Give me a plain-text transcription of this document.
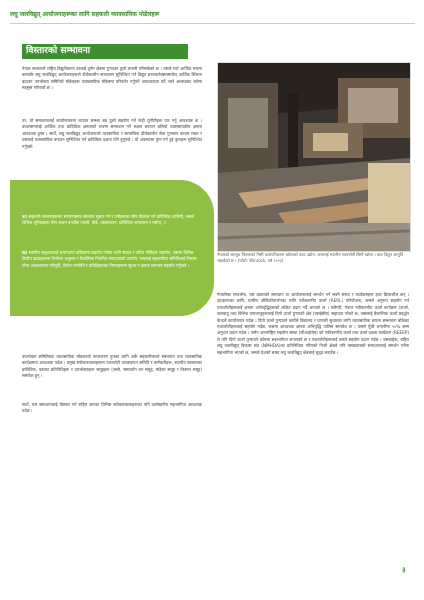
लघु जलविद्युत् आयोजनाहरूका लागि सहकारी व्यावसायिक मोडेलहरू
विस्तारको सम्भावना
नेपाल सरकारले राष्ट्रिय विद्युतीकरण दरलाई दुर्गम क्षेत्रमा पुऱ्याउन ठूलो लगानी गरिसकेको छ । यसले गर्दा आर्थिक रूपमा कमजोर लघु जलविद्युत् आयोजनाहरूले दीर्घकालीन सञ्चालन सुनिश्चित गर्न विद्युत इन्टरकनेक्सनमार्फत् आर्थिक स्थिरता बढाउन उपभोक्ता समितिले मोडेलहरू व्यावसायिक मोडेलमा परिवर्तन गर्नुपर्ने आवश्यकता पर्दै जाने अवस्थाका बारेमा महसुस गरिएको छ ।
तर, यो समाधानलाई कार्यान्वयनमा ल्याउन सम्भव बन्न ठूलो सहयोग गर्न केही चुनौतीहरू पार गर्नु आवश्यक छ । उपशासनलाई आर्थिक तथा प्राविधिक क्षमताको रूपमा सामाधान गर्न सक्षम बनाउन बलियो व्यवस्थापकीय क्षमता आवश्यक हुन्छ । सार्थे, लघु जलविद्युत् आयोजनाको व्यवसायिक र सामाजिक दीर्घकालीन सेवा गुणस्तर कायम राख्न र यसलाई व्यावसायिक बनाउन सुनिश्चित गर्न प्राविधिक दक्षता पनि हुनुपर्छ । यो अवस्थामा पुग्न गर्न दुई कुराहरू सुनिश्चित गर्नुपर्छ:
क) सहकारी संरचनाहरूका संगठनात्मक संस्थाना सुधार गर्न र उनीहरूका सीप विकास गर्न प्राविधिक तालिमी, जसले विभिन्न भूमिकाहरू लिन सक्षम बनाउँछ (जस्तै, बोर्ड, व्यवस्थापन, प्राविधिक सञ्चालन र मर्मत), र
ख) स्थानीय समुदायलाई रूपान्तरण प्रक्रियामा सहयोग गर्नका लागि सफल र उचित नीतिहरू सहयोग, जसमा विभिन्न वित्तीय खाताहरूमा निर्भरता अनुसार र वैकल्पिक नियमित मापदण्डको उपयोग, यसलाई सहकारिता समितिलाई विस्तार योग्य आवश्यकता परिपूर्ति, विशेष रणनीति र प्रविधिहरूका नियमहरूमा सुधार र क्षमता समन्वय सहयोग गर्नुपर्छ ।
उपभोक्ता समितिबाट व्यावसायिक मोडलतर्फ रूपान्तरण हुनका लागि अर्के सहकारिताको संस्थागत तथा व्यवसायिक कार्यक्षमता आवश्यक पर्दछ । प्रमुख सरोकारवालाहरूमा एकापरेटी व्यवस्थापन समिति र कर्मचारीहरू, स्थानीय सरकारका प्राविधिक, वडाका प्रतिनिधिहरू र उपभोक्ताहरू समूहहरू (जस्तै, समावर्तन वन समूह, महिला समूह र किसान समूह) समावेश हुन् ।
सार्थे, यस समाधानलाई विस्तार गर्न राष्ट्रिय स्तरका विभिन्न सरोकारवालाहरूका पनि उल्लेखनीय सहभागिता आवश्यक पर्दछ ।
नेपालको बाग्लुङ जिल्लाको निसी काठेपनिकामा खोलाको काठ उद्योग, जसलाई स्थानीय एकापरेटी लिमी खोला । कार विद्युत आपूर्ति भइरहेको छ । (फोटो: Winrock, वर्ष २०२३)
नेपालीका सन्दर्भमा, यस प्रकारको समाधान वा आयोजनालाई समर्थन गर्न सक्ने संस्था र कार्यक्रमहरू हाल क्रियाशील छन् । उदाहरणका लागि, ग्रामीण जीविकोपार्जनका लागि नवीकरणीय ऊर्जा (RERL) परियोजना, जसले अनुरूप सहयोग गर्न एकापरेटीहरूलाई क्षमता अभिवृद्धिहरूको लक्षित प्रदान गर्दै आएको छ । यसैगरी, नेपाल नवीकरणीय ऊर्जा कार्यक्रम (ऊर्जा, जलवायु तथा विभिन्न वन्यजन्तुहरूलाई दिगो ऊर्जा पुऱ्याउने क्षेत्र (एसईसीए) सहायता गरेको छ, जसलाई वैकल्पिक ऊर्जा प्रवर्द्धन केन्द्रले कार्यान्वयन गर्दछ । दिगो ऊर्जा पुऱ्याउने कार्यले विद्यालय र प्रणाली सुधारका लागि व्यावसायिक रूपमा सम्भावना बोकेका एकापरेटीहरूलाई सहयोग गर्दछ, जसमा आवश्यक क्षमता अभिवृद्धि तालिम समावेश छ । यसले पूँजी लगानीमा ५०% सम्म अनुदान प्रदान गर्दछ । जर्मन अन्तर्राष्ट्रिय सहयोग संस्था (जीआईजेड) को नवीकरणीय ऊर्जा तथा ऊर्जा दक्षता कार्यक्रम (REEEP) ले पनि दिगो ऊर्जा पुऱ्याउने कोषमा सहभागिता जनाएको छ र एकापरेटीहरूलाई यसले सहयोग प्रदान गर्दछ । यसबाहेक, राष्ट्रिय लघु जलविद्युत् विकास संघ (NMHDA)का प्रतिनिधित्व गरिएको निजी क्षेत्रले पनि यसप्रकारको समाधानलाई समर्थन गर्नेमा सहभागिता भएको छ, जसले देशको समग्र लघु जलविद्युत् क्षेत्रलाई सुदृढ बनाउँछ ।
३
